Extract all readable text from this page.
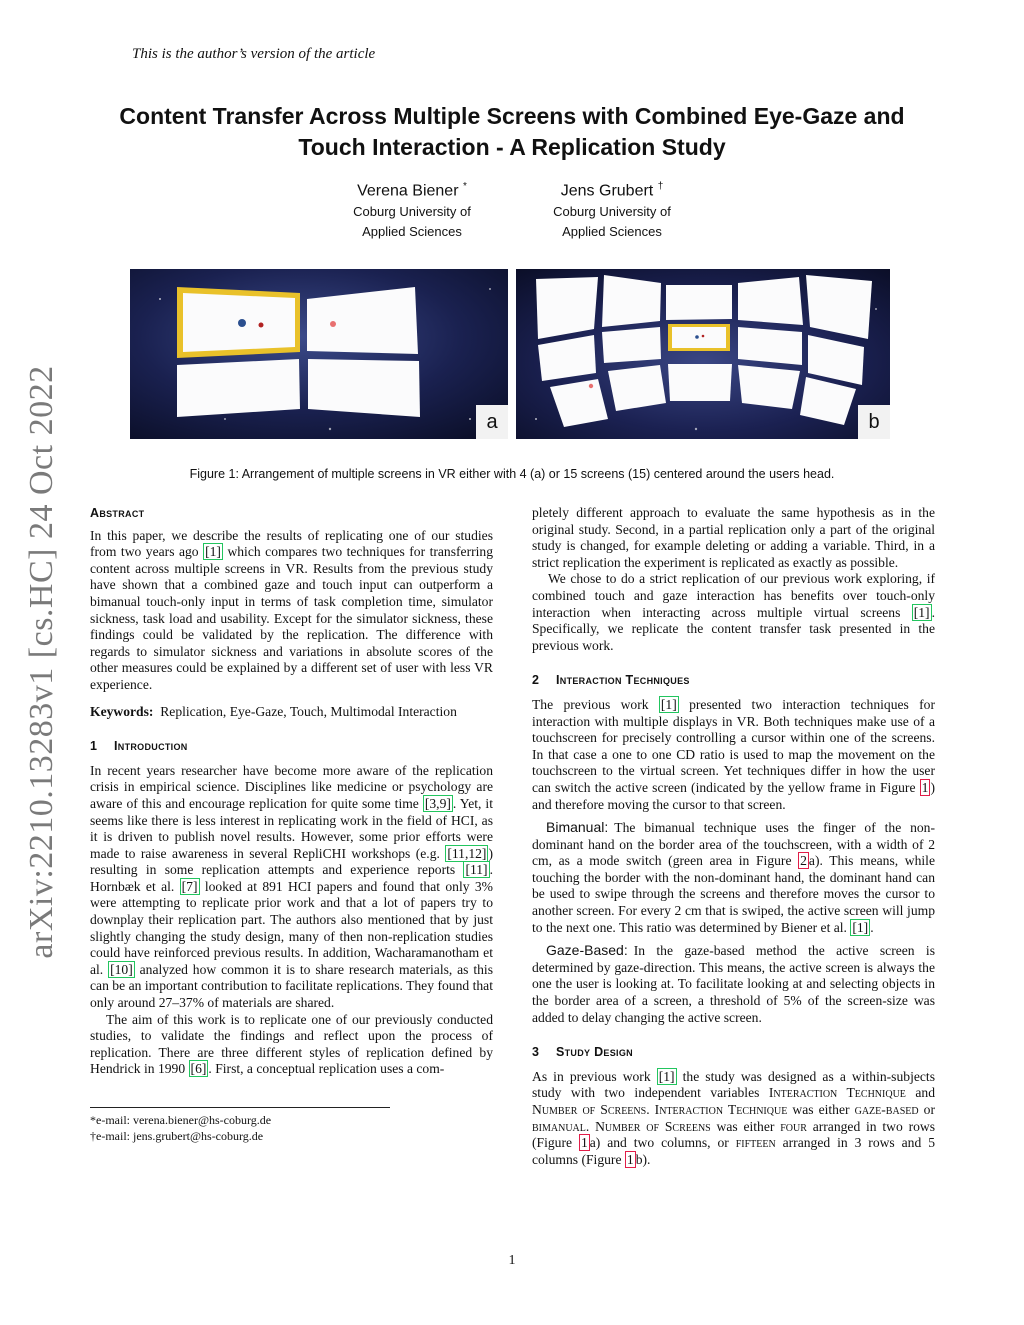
This is the author’s version of the article
Content Transfer Across Multiple Screens with Combined Eye-Gaze and
Touch Interaction - A Replication Study
Verena Biener *
Coburg University of
Applied Sciences
Jens Grubert †
Coburg University of
Applied Sciences
arXiv:2210.13283v1 [cs.HC] 24 Oct 2022	a	b
Figure 1: Arrangement of multiple screens in VR either with 4 (a) or 15 screens (15) centered around the users head.

Abstract

In this paper, we describe the results of replicating one of our studies from two years ago [1] which compares two techniques for transferring content across multiple screens in VR. Results from the previous study have shown that a combined gaze and touch input can outperform a bimanual touch-only input in terms of task completion time, simulator sickness, task load and usability. Except for the simulator sickness, these findings could be validated by the replication. The difference with regards to simulator sickness and variations in absolute scores of the other measures could be explained by a different set of user with less VR experience.

Keywords: Replication, Eye-Gaze, Touch, Multimodal Interaction

1 Introduction

In recent years researcher have become more aware of the replication crisis in empirical science. Disciplines like medicine or psychology are aware of this and encourage replication for quite some time [3,9] . Yet, it seems like there is less interest in replicating work in the field of HCI, as it is driven to publish novel results. However, some prior efforts were made to raise awareness in several RepliCHI workshops (e.g. [11,12] ) resulting in some replication attempts and experience reports [11] . Hornbæk et al. [7] looked at 891 HCI papers and found that only 3% were attempting to replicate prior work and that a lot of papers try to downplay their replication part. The authors also mentioned that by just slightly changing the study design, many of then non-replication studies could have reinforced previous results. In addition, Wacharamanotham et al. [10] analyzed how common it is to share research materials, as this can be an important contribution to facilitate replications. They found that only around 27–37% of materials are shared.

The aim of this work is to replicate one of our previously conducted studies, to validate the findings and reflect upon the process of replication. There are three different styles of replication defined by Hendrick in 1990 [6] . First, a conceptual replication uses a com-

*e-mail: verena.biener@hs-coburg.de
†e-mail: jens.grubert@hs-coburg.de

pletely different approach to evaluate the same hypothesis as in the original study. Second, in a partial replication only a part of the original study is changed, for example deleting or adding a variable. Third, in a strict replication the experiment is replicated as exactly as possible.

We chose to do a strict replication of our previous work exploring, if combined touch and gaze interaction has benefits over touch-only interaction when interacting across multiple virtual screens [1] . Specifically, we replicate the content transfer task presented in the previous work.

2 Interaction Techniques

The previous work [1] presented two interaction techniques for interaction with multiple displays in VR. Both techniques make use of a touchscreen for precisely controlling a cursor within one of the screens. In that case a one to one CD ratio is used to map the movement on the touchscreen to the virtual screen. Yet techniques differ in how the user can switch the active screen (indicated by the yellow frame in Figure 1 ) and therefore moving the cursor to that screen.

Bimanual: The bimanual technique uses the finger of the non-dominant hand on the border area of the touchscreen, with a width of 2 cm, as a mode switch (green area in Figure 2 a). This means, while touching the border with the non-dominant hand, the dominant hand can be used to swipe through the screens and therefore moves the cursor to another screen. For every 2 cm that is swiped, the active screen will jump to the next one. This ratio was determined by Biener et al. [1] .

Gaze-Based: In the gaze-based method the active screen is determined by gaze-direction. This means, the active screen is always the one the user is looking at. To facilitate looking at and selecting objects in the border area of a screen, a threshold of 5% of the screen-size was added to delay changing the active screen.

3 Study Design

As in previous work [1] the study was designed as a within-subjects study with two independent variables Interaction Technique and Number of Screens. Interaction Technique was either gaze-based or bimanual. Number of Screens was either four arranged in two rows (Figure 1 a) and two columns, or fifteen arranged in 3 rows and 5 columns (Figure 1 b).

1
